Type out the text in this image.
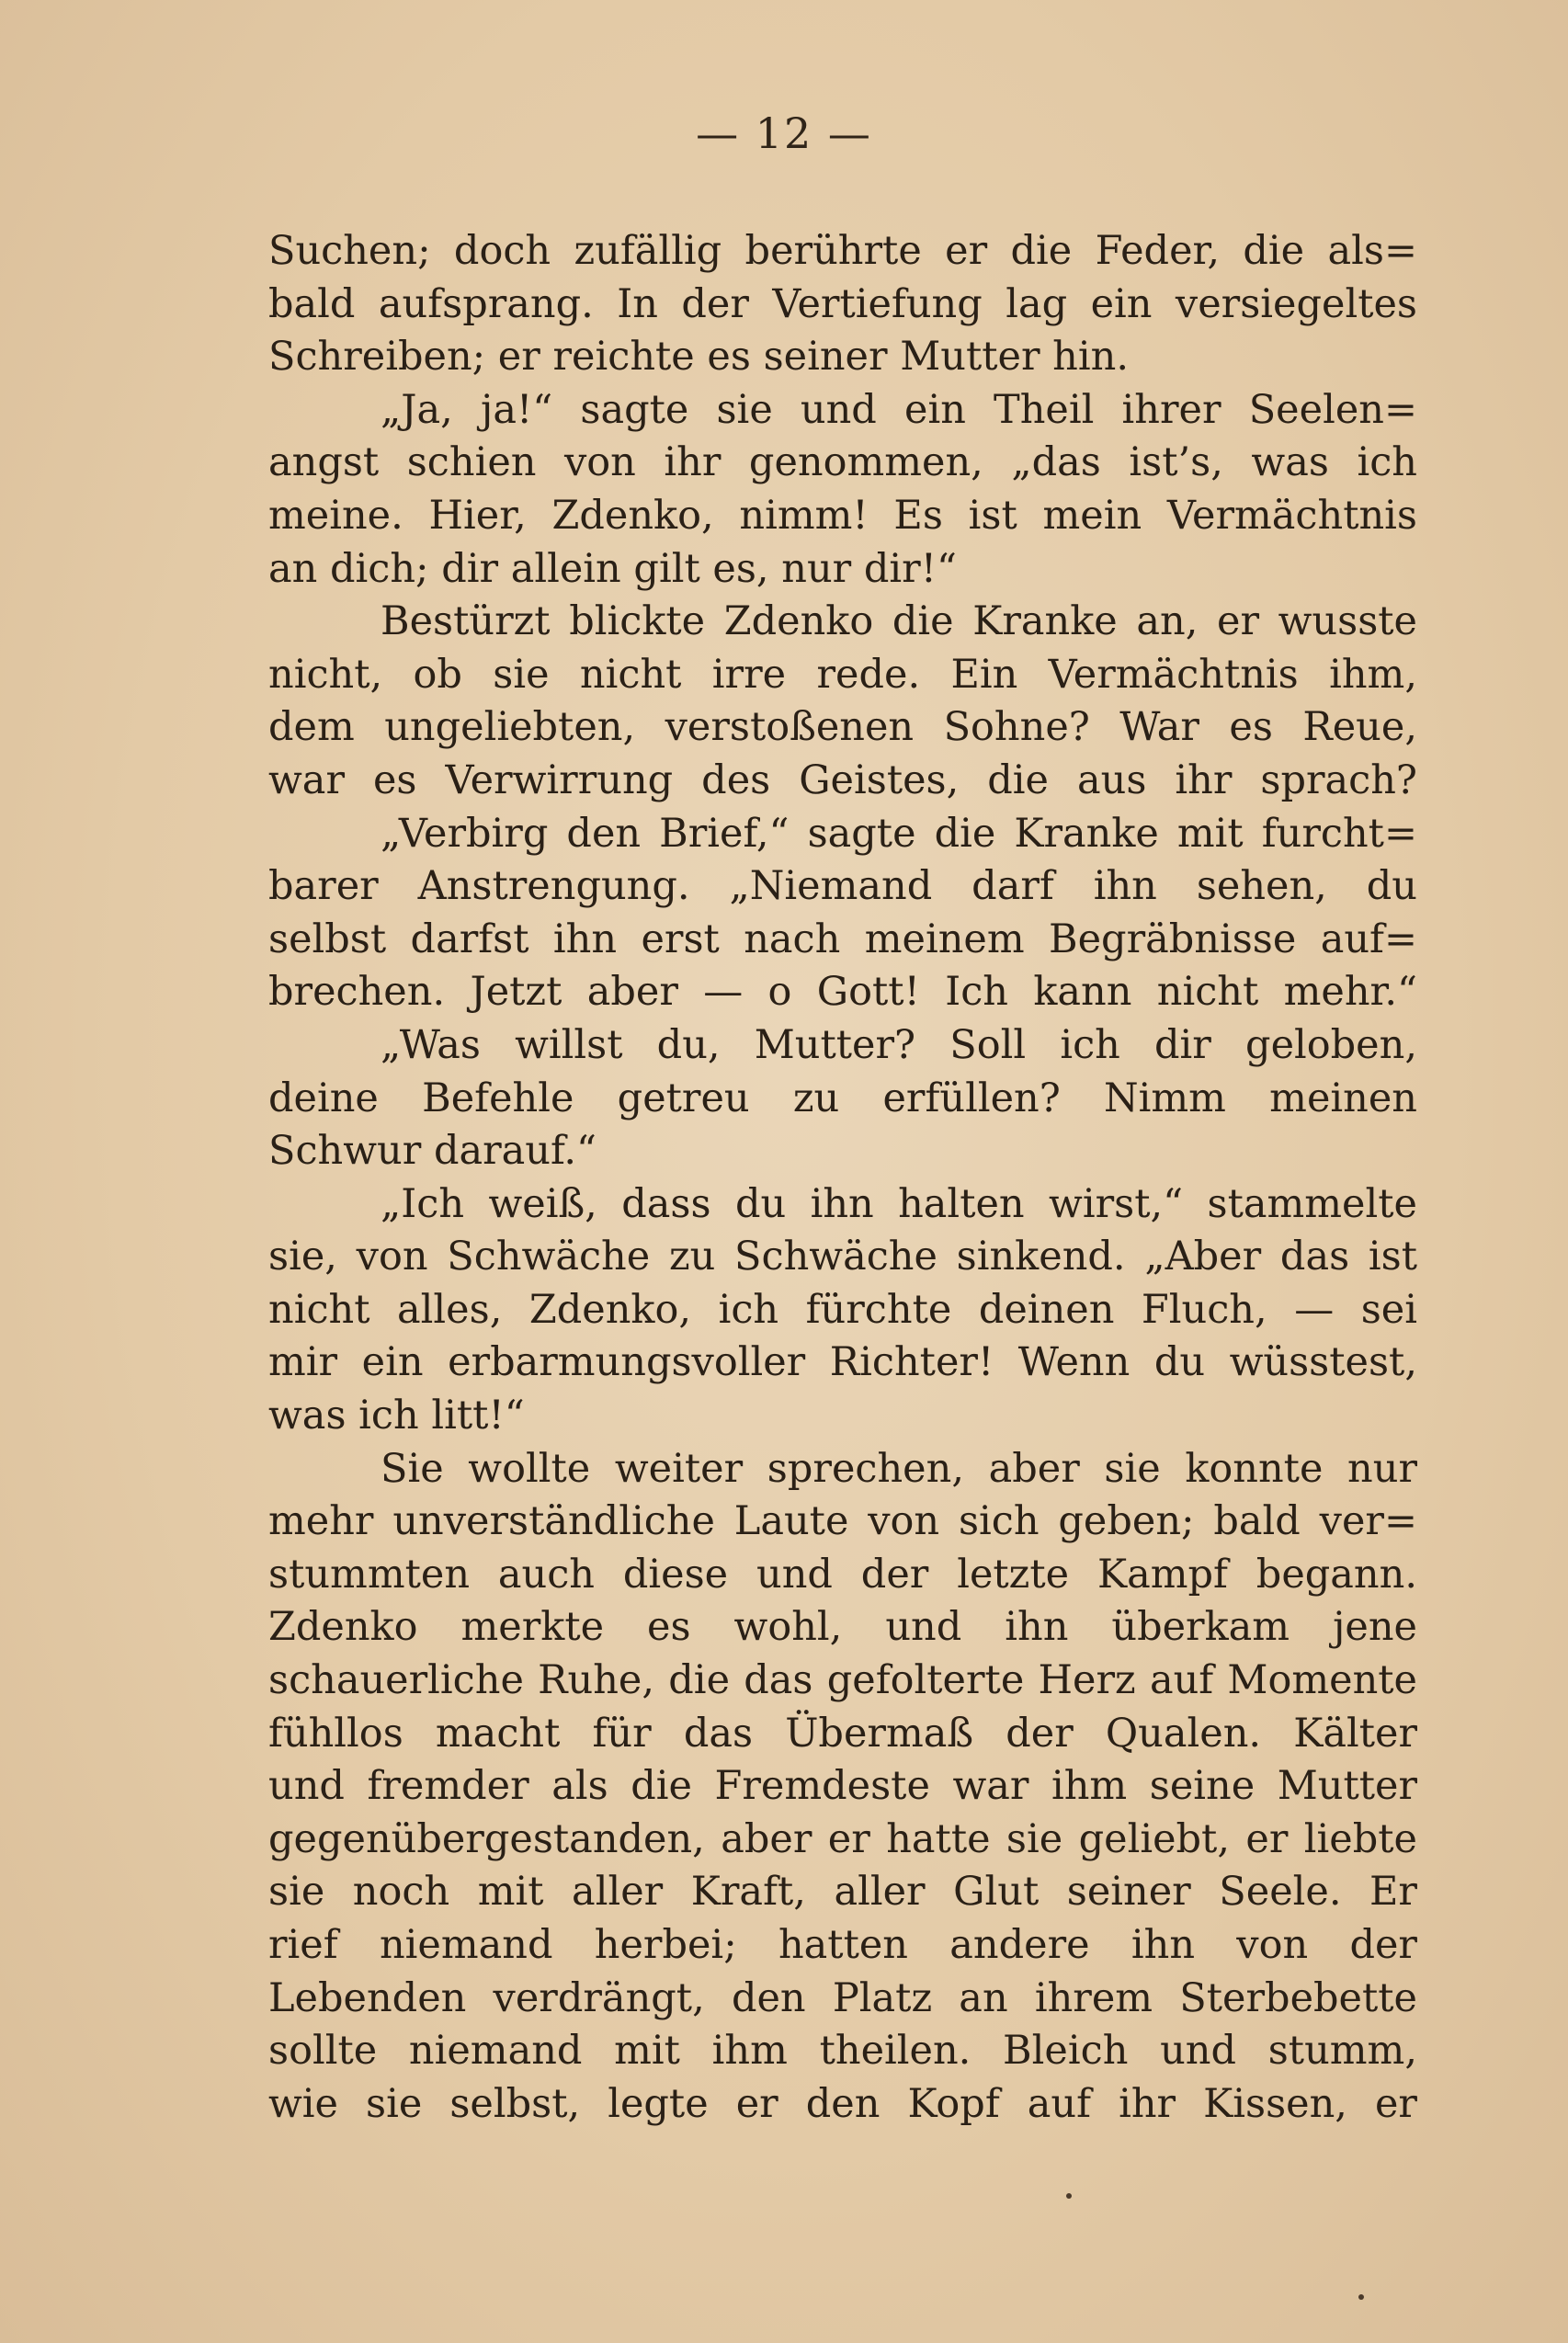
— 12 —
Suchen; doch zufällig berührte er die Feder, die als=
bald aufsprang. In der Vertiefung lag ein versiegeltes
Schreiben; er reichte es seiner Mutter hin.
„Ja, ja!“ sagte sie und ein Theil ihrer Seelen=
angst schien von ihr genommen, „das ist’s, was ich
meine. Hier, Zdenko, nimm! Es ist mein Vermächtnis
an dich; dir allein gilt es, nur dir!“
Bestürzt blickte Zdenko die Kranke an, er wusste
nicht, ob sie nicht irre rede. Ein Vermächtnis ihm,
dem ungeliebten, verstoßenen Sohne? War es Reue,
war es Verwirrung des Geistes, die aus ihr sprach?
„Verbirg den Brief,“ sagte die Kranke mit furcht=
barer Anstrengung. „Niemand darf ihn sehen, du
selbst darfst ihn erst nach meinem Begräbnisse auf=
brechen. Jetzt aber — o Gott! Ich kann nicht mehr.“
„Was willst du, Mutter? Soll ich dir geloben,
deine Befehle getreu zu erfüllen? Nimm meinen
Schwur darauf.“
„Ich weiß, dass du ihn halten wirst,“ stammelte
sie, von Schwäche zu Schwäche sinkend. „Aber das ist
nicht alles, Zdenko, ich fürchte deinen Fluch, — sei
mir ein erbarmungsvoller Richter! Wenn du wüsstest,
was ich litt!“
Sie wollte weiter sprechen, aber sie konnte nur
mehr unverständliche Laute von sich geben; bald ver=
stummten auch diese und der letzte Kampf begann.
Zdenko merkte es wohl, und ihn überkam jene
schauerliche Ruhe, die das gefolterte Herz auf Momente
fühllos macht für das Übermaß der Qualen. Kälter
und fremder als die Fremdeste war ihm seine Mutter
gegenübergestanden, aber er hatte sie geliebt, er liebte
sie noch mit aller Kraft, aller Glut seiner Seele. Er
rief niemand herbei; hatten andere ihn von der
Lebenden verdrängt, den Platz an ihrem Sterbebette
sollte niemand mit ihm theilen. Bleich und stumm,
wie sie selbst, legte er den Kopf auf ihr Kissen, er
